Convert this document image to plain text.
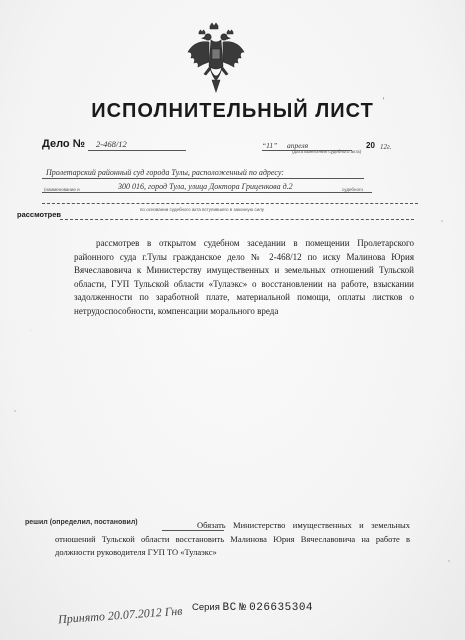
ИСПОЛНИТЕЛЬНЫЙ ЛИСТ	'
Дело № 2-468/12	“11” апреля
(дата вынесения судебного акта)
20 12г.
Пролетарский районный суд города Тулы, расположенный по адресу:
(наименование и	300 016, город Тула, улица Доктора Гриценкова д.2	судебного
по основании судебного акта вступившего в законную силу
рассмотрев
рассмотрев в открытом судебном заседании в помещении Пролетарского районного суда г.Тулы гражданское дело № 2-468/12 по иску Малинова Юрия Вячеславовича к Министерству имущественных и земельных отношений Тульской области, ГУП Тульской области «Тулаэкс» о восстановлении на работе, взыскании задолженности по заработной плате, материальной помощи, оплаты листков о нетрудоспособности, компенсации морального вреда
решил (определил, постановил)	Обязать Министерство имущественных и земельных отношений Тульской области восстановить Малинова Юрия Вячеславовича на работе в должности руководителя ГУП ТО «Тулаэкс»
Серия ВС № 026635304
Принято 20.07.2012 Гнв
